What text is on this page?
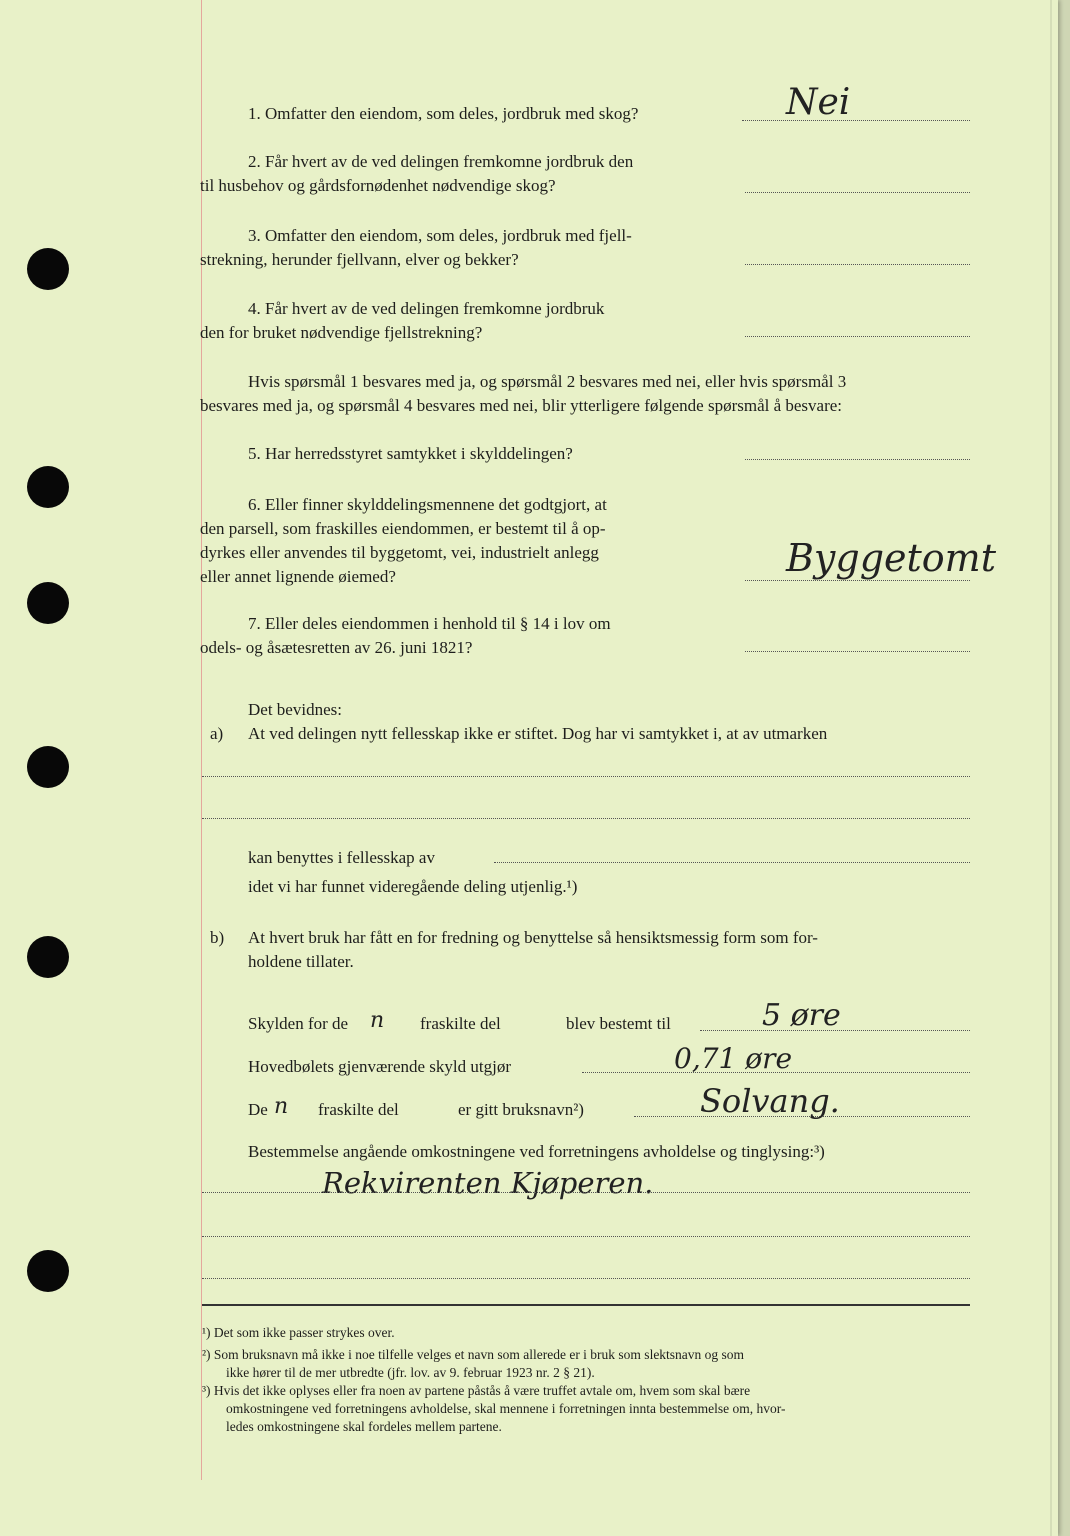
1. Omfatter den eiendom, som deles, jordbruk med skog?	Nei
2. Får hvert av de ved delingen fremkomne jordbruk den
til husbehov og gårdsfornødenhet nødvendige skog?
3. Omfatter den eiendom, som deles, jordbruk med fjell-
strekning, herunder fjellvann, elver og bekker?
4. Får hvert av de ved delingen fremkomne jordbruk
den for bruket nødvendige fjellstrekning?
Hvis spørsmål 1 besvares med ja, og spørsmål 2 besvares med nei, eller hvis spørsmål 3
besvares med ja, og spørsmål 4 besvares med nei, blir ytterligere følgende spørsmål å besvare:
5. Har herredsstyret samtykket i skylddelingen?
6. Eller finner skylddelingsmennene det godtgjort, at
den parsell, som fraskilles eiendommen, er bestemt til å op-
dyrkes eller anvendes til byggetomt, vei, industrielt anlegg
eller annet lignende øiemed?	Byggetomt
7. Eller deles eiendommen i henhold til § 14 i lov om
odels- og åsætesretten av 26. juni 1821?
Det bevidnes:
a) At ved delingen nytt fellesskap ikke er stiftet. Dog har vi samtykket i, at av utmarken
kan benyttes i fellesskap av
idet vi har funnet videregående deling utjenlig.¹)
b) At hvert bruk har fått en for fredning og benyttelse så hensiktsmessig form som for-
holdene tillater.
Skylden for de n fraskilte del	blev bestemt til	5 øre
Hovedbølets gjenværende skyld utgjør	0,71 øre
De n fraskilte del	er gitt bruksnavn²)	Solvang.
Bestemmelse angående omkostningene ved forretningens avholdelse og tinglysing:³)
Rekvirenten Kjøperen.
¹) Det som ikke passer strykes over.
²) Som bruksnavn må ikke i noe tilfelle velges et navn som allerede er i bruk som slektsnavn og som
ikke hører til de mer utbredte (jfr. lov. av 9. februar 1923 nr. 2 § 21).
³) Hvis det ikke oplyses eller fra noen av partene påstås å være truffet avtale om, hvem som skal bære
omkostningene ved forretningens avholdelse, skal mennene i forretningen innta bestemmelse om, hvor-
ledes omkostningene skal fordeles mellem partene.
